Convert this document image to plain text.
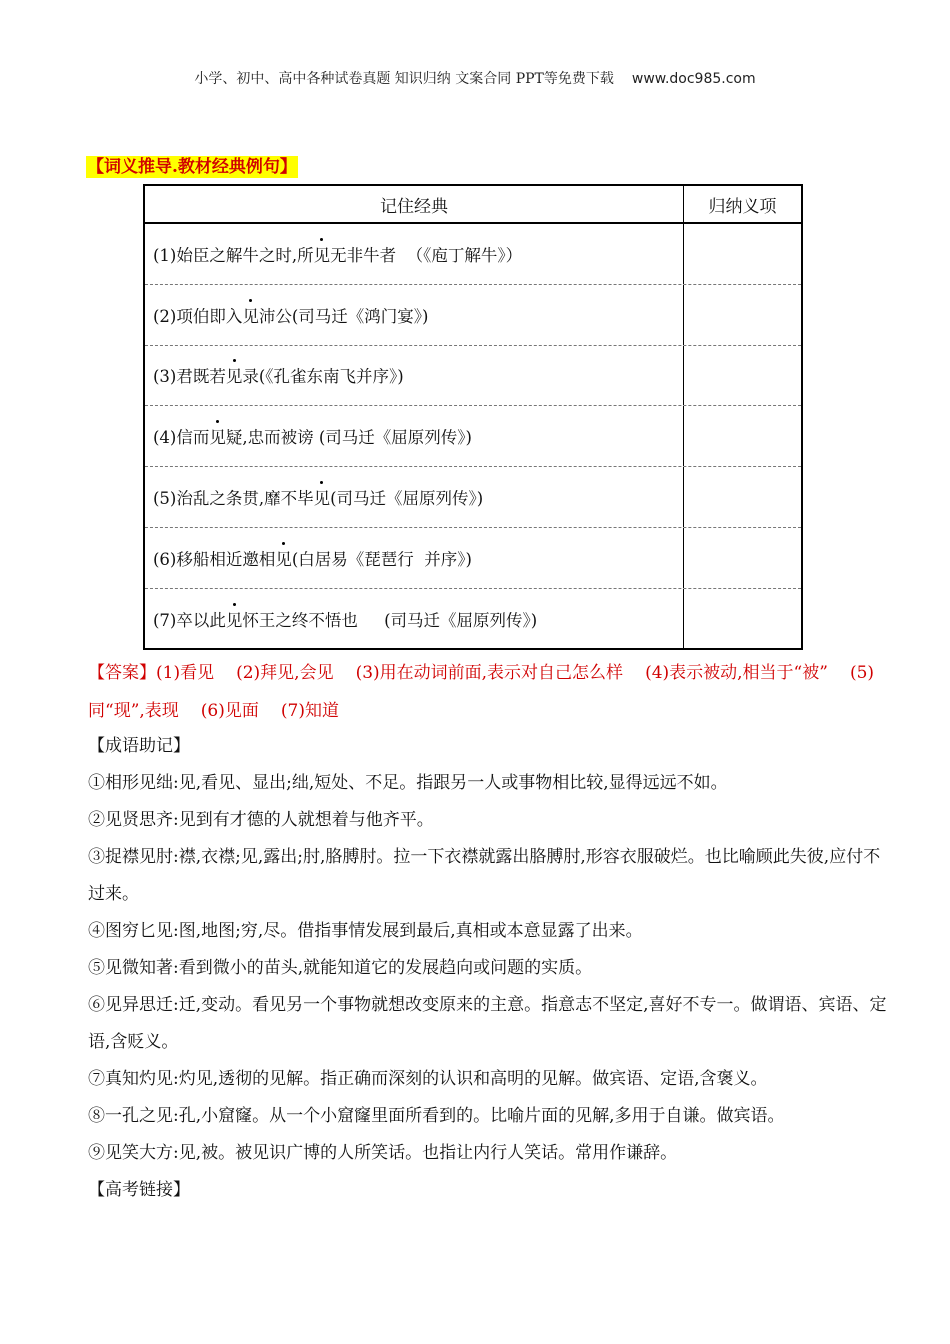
小学、初中、高中各种试卷真题 知识归纳 文案合同 PPT等免费下载 www.doc985.com
【词义推导.教材经典例句】
记住经典	归纳义项
(1)始臣之解牛之时,所 见 无非牛者  （《庖丁解牛》）
(2)项伯即入 见 沛公(司马迁《鸿门宴》)
(3)君既若 见 录(《孔雀东南飞并序》)
(4)信而 见 疑,忠而被谤 (司马迁《屈原列传》)
(5)治乱之条贯,靡不毕 见 (司马迁《屈原列传》)
(6)移船相近邀相 见 (白居易《琵琶行  并序》)
(7)卒以此 见 怀王之终不悟也     (司马迁《屈原列传》)

【答案】(1)看见 (2)拜见,会见 (3)用在动词前面,表示对自己怎么样 (4)表示被动,相当于“被” (5)同“现”,表现 (6)见面 (7)知道

【成语助记】

①相形见绌:见,看见、显出;绌,短处、不足。指跟另一人或事物相比较,显得远远不如。

②见贤思齐:见到有才德的人就想着与他齐平。

③捉襟见肘:襟,衣襟;见,露出;肘,胳膊肘。拉一下衣襟就露出胳膊肘,形容衣服破烂。也比喻顾此失彼,应付不过来。

④图穷匕见:图,地图;穷,尽。借指事情发展到最后,真相或本意显露了出来。

⑤见微知著:看到微小的苗头,就能知道它的发展趋向或问题的实质。

⑥见异思迁:迁,变动。看见另一个事物就想改变原来的主意。指意志不坚定,喜好不专一。做谓语、宾语、定语,含贬义。

⑦真知灼见:灼见,透彻的见解。指正确而深刻的认识和高明的见解。做宾语、定语,含褒义。

⑧一孔之见:孔,小窟窿。从一个小窟窿里面所看到的。比喻片面的见解,多用于自谦。做宾语。

⑨见笑大方:见,被。被见识广博的人所笑话。也指让内行人笑话。常用作谦辞。

【高考链接】
